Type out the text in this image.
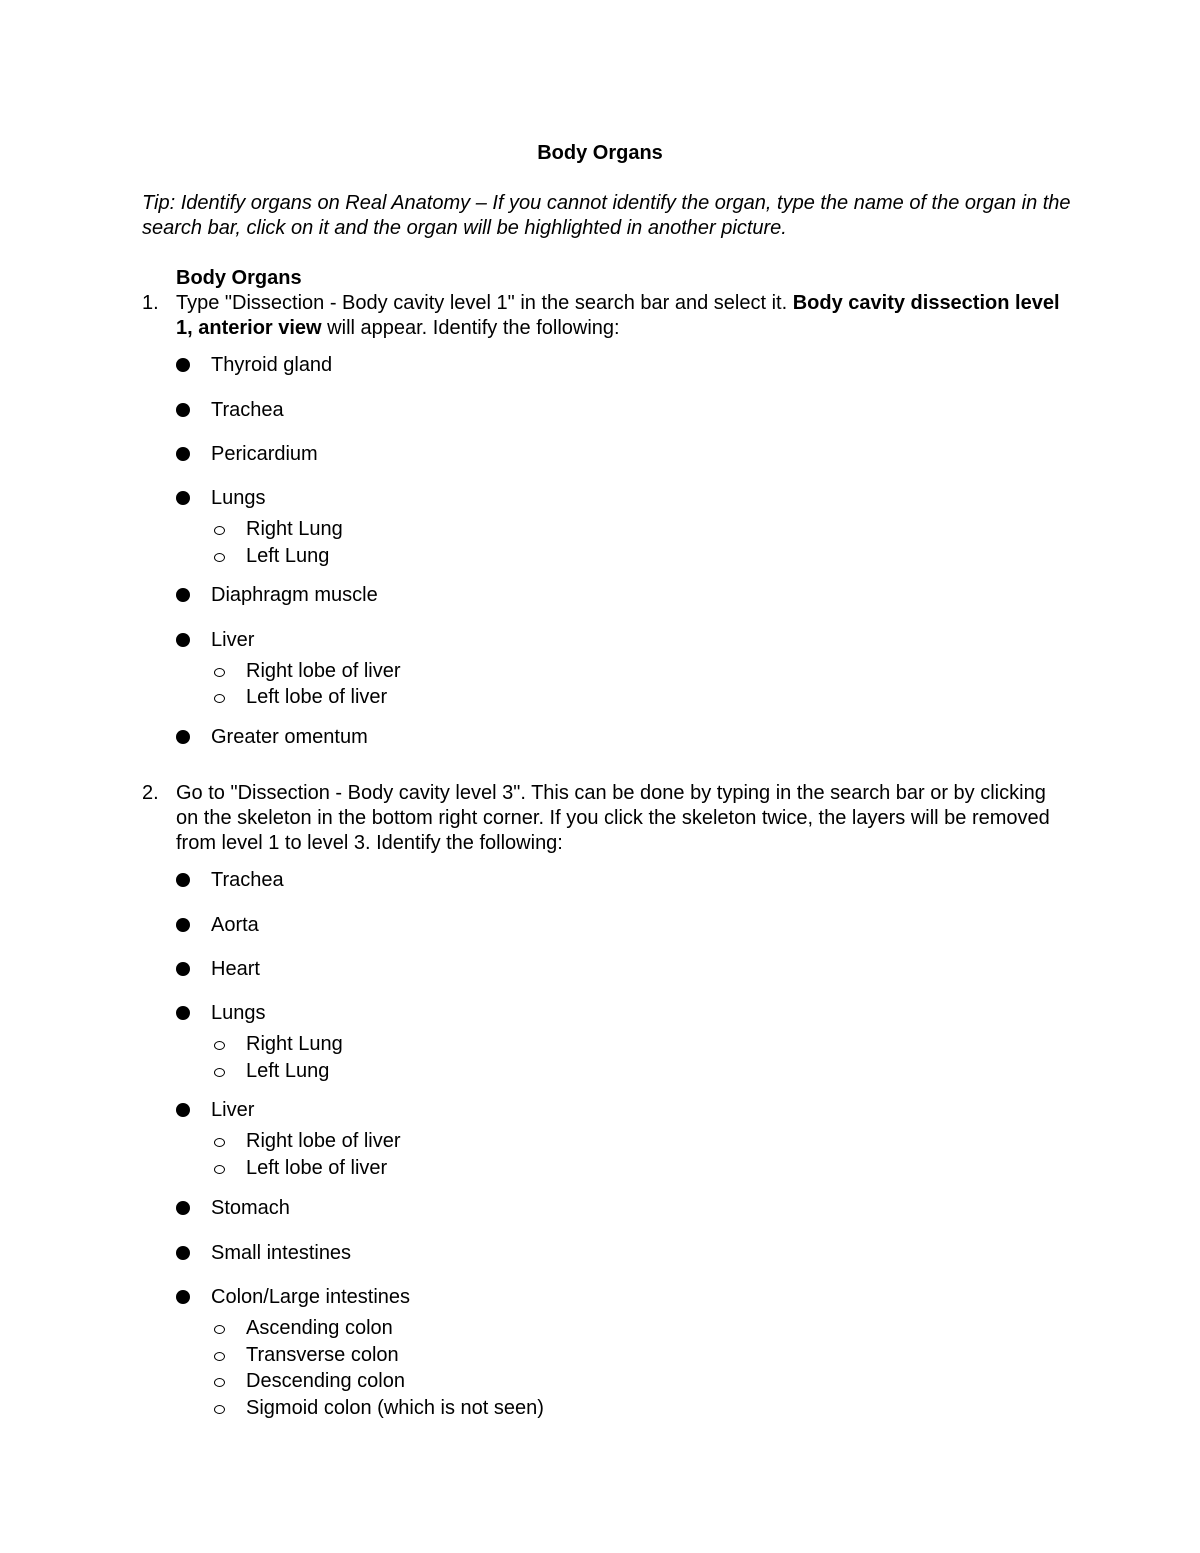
Body Organs
Tip: Identify organs on Real Anatomy – If you cannot identify the organ, type the name of the organ in the search bar, click on it and the organ will be highlighted in another picture.
Body Organs
1. Type "Dissection - Body cavity level 1" in the search bar and select it. Body cavity dissection level 1, anterior view will appear. Identify the following:
Thyroid gland
Trachea
Pericardium
Lungs
Right Lung
Left Lung
Diaphragm muscle
Liver
Right lobe of liver
Left lobe of liver
Greater omentum
2. Go to "Dissection - Body cavity level 3". This can be done by typing in the search bar or by clicking on the skeleton in the bottom right corner. If you click the skeleton twice, the layers will be removed from level 1 to level 3. Identify the following:
Trachea
Aorta
Heart
Lungs
Right Lung
Left Lung
Liver
Right lobe of liver
Left lobe of liver
Stomach
Small intestines
Colon/Large intestines
Ascending colon
Transverse colon
Descending colon
Sigmoid colon (which is not seen)
